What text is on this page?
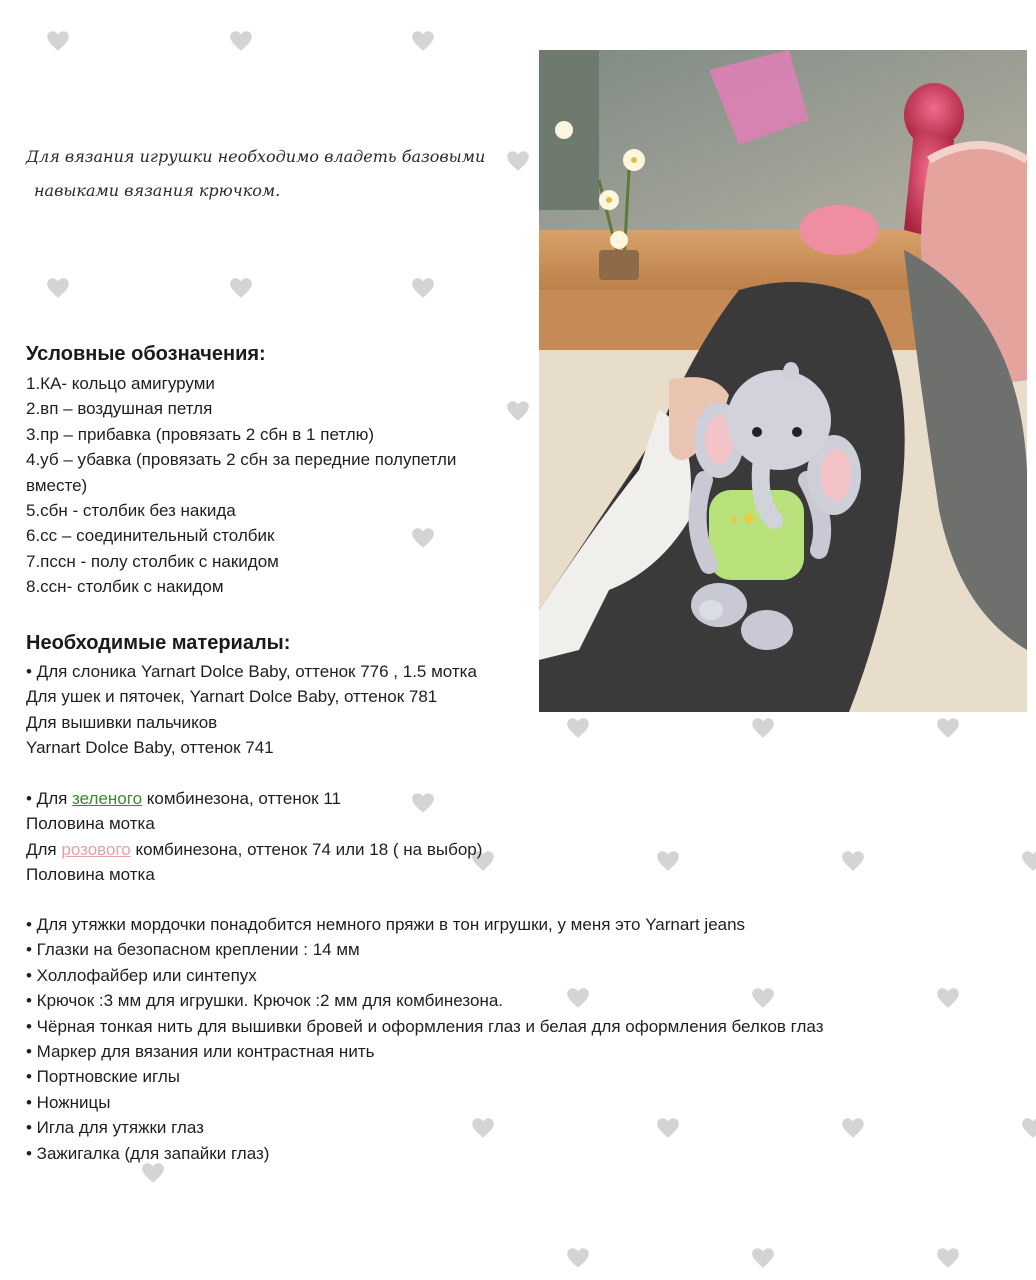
Для вязания игрушки необходимо владеть базовыми
навыками вязания крючком.
Условные обозначения:
1.КА- кольцо амигуруми
2.вп – воздушная петля
3.пр – прибавка (провязать 2 сбн в 1 петлю)
4.уб – убавка (провязать 2 сбн за передние полупетли
вместе)
5.сбн - столбик без накида
6.сс – соединительный столбик
7.пссн - полу столбик с накидом
8.ссн- столбик с накидом
Необходимые материалы:
• Для слоника Yarnart Dolce Baby, оттенок 776 , 1.5 мотка
Для ушек и пяточек, Yarnart Dolce Baby, оттенок 781
Для вышивки пальчиков
Yarnart Dolce Baby, оттенок 741
• Для зеленого комбинезона, оттенок 11
Половина мотка
Для розового комбинезона, оттенок 74 или 18 ( на выбор)
Половина мотка
• Для утяжки мордочки понадобится немного пряжи в тон игрушки, у меня это Yarnart jeans
• Глазки на безопасном креплении : 14 мм
• Холлофайбер или синтепух
• Крючок :3 мм для игрушки. Крючок :2 мм для комбинезона.
• Чёрная тонкая нить для вышивки бровей и оформления глаз и белая для оформления белков глаз
• Маркер для вязания или контрастная нить
• Портновские иглы
• Ножницы
• Игла для утяжки глаз
• Зажигалка (для запайки глаз)
